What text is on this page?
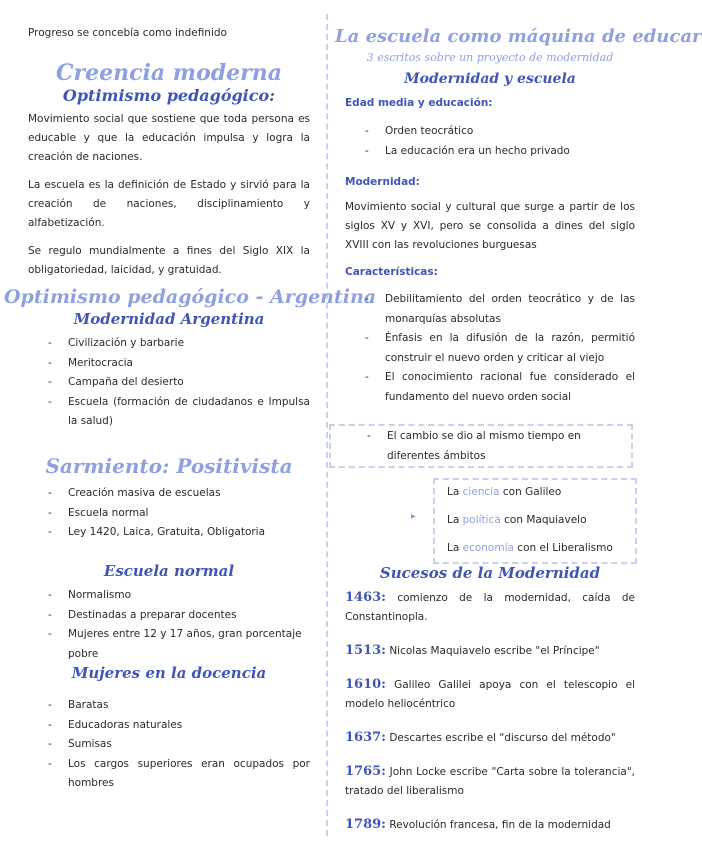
Progreso se concebía como indefinido

Creencia moderna
Optimismo pedagógico:

Movimiento social que sostiene que toda persona es educable y que la educación impulsa y logra la creación de naciones.

La escuela es la definición de Estado y sirvió para la creación de naciones, disciplinamiento y alfabetización.

Se regulo mundialmente a fines del Siglo XIX la obligatoriedad, laicidad, y gratuidad.

Optimismo pedagógico - Argentina
Modernidad Argentina
- Civilización y barbarie
- Meritocracia
- Campaña del desierto
- Escuela (formación de ciudadanos e Impulsa la salud)
Sarmiento: Positivista
- Creación masiva de escuelas
- Escuela normal
- Ley 1420, Laica, Gratuita, Obligatoria
Escuela normal
- Normalismo
- Destinadas a preparar docentes
- Mujeres entre 12 y 17 años, gran porcentaje pobre
Mujeres en la docencia
- Baratas
- Educadoras naturales
- Sumisas
- Los cargos superiores eran ocupados por hombres
La escuela como máquina de educar
3 escritos sobre un proyecto de modernidad
Modernidad y escuela
Edad media y educación:
- Orden teocrático
- La educación era un hecho privado
Modernidad:

Movimiento social y cultural que surge a partir de los siglos XV y XVI, pero se consolida a dines del siglo XVIII con las revoluciones burguesas

Características:
- Debilitamiento del orden teocrático y de las monarquías absolutas
- Énfasis en la difusión de la razón, permitió construir el nuevo orden y criticar al viejo
- El conocimiento racional fue considerado el fundamento del nuevo orden social
- El cambio se dio al mismo tiempo en diferentes ámbitos
La ciencia con Galileo
La política con Maquiavelo
La economía con el Liberalismo
▸
Sucesos de la Modernidad

1463: comienzo de la modernidad, caída de Constantinopla.

1513: Nicolas Maquiavelo escribe "el Príncipe"

1610: Galileo Galilei apoya con el telescopio el modelo heliocéntrico

1637: Descartes escribe el "discurso del método"

1765: John Locke escribe "Carta sobre la tolerancia", tratado del liberalismo

1789: Revolución francesa, fin de la modernidad
